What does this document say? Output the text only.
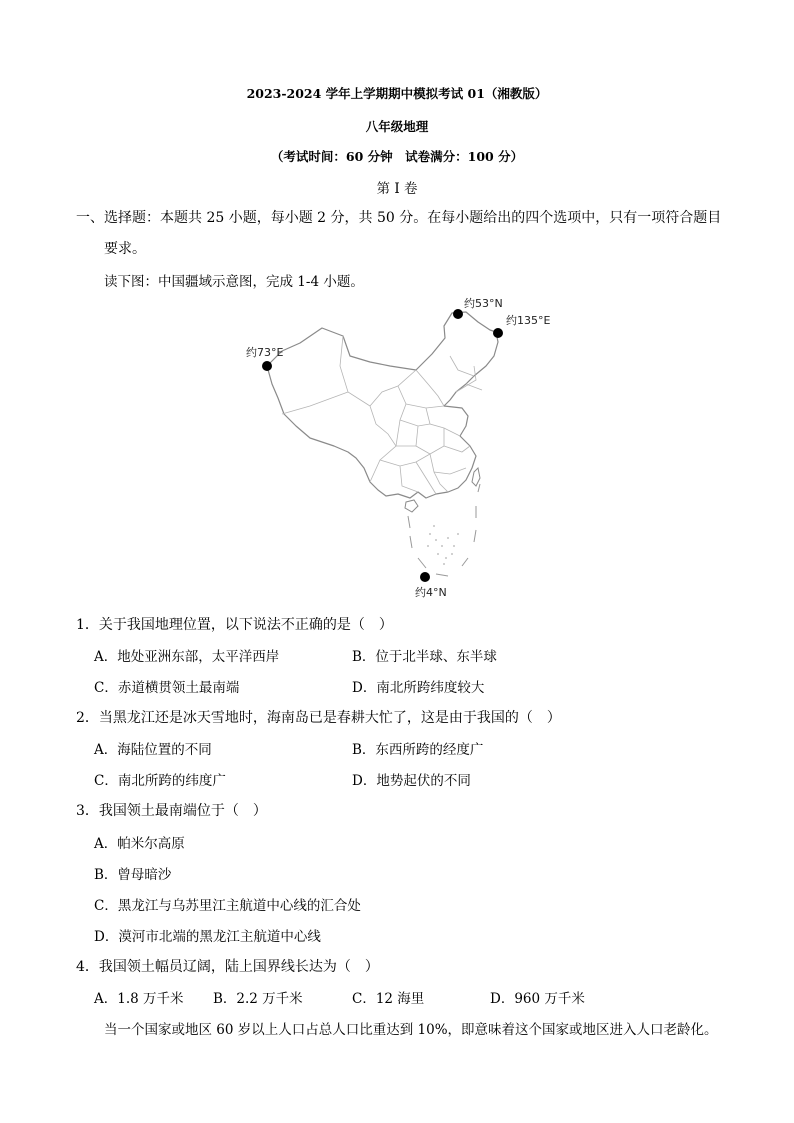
2023-2024 学年上学期期中模拟考试 01（湘教版）
八年级地理
（考试时间：60 分钟　试卷满分：100 分）
第 I 卷
一、选择题：本题共 25 小题，每小题 2 分，共 50 分。在每小题给出的四个选项中，只有一项符合题目
要求。
读下图：中国疆域示意图，完成 1-4 小题。
约53°N
约135°E
约73°E
约4°N
1．关于我国地理位置，以下说法不正确的是（　）
A．地处亚洲东部，太平洋西岸	B．位于北半球、东半球
C．赤道横贯领土最南端	D．南北所跨纬度较大
2．当黑龙江还是冰天雪地时，海南岛已是春耕大忙了，这是由于我国的（　）
A．海陆位置的不同	B．东西所跨的经度广
C．南北所跨的纬度广	D．地势起伏的不同
3．我国领土最南端位于（　）
A．帕米尔高原
B．曾母暗沙
C．黑龙江与乌苏里江主航道中心线的汇合处
D．漠河市北端的黑龙江主航道中心线
4．我国领土幅员辽阔，陆上国界线长达为（　）
A．1.8 万千米 B．2.2 万千米	C．12 海里	D．960 万千米
当一个国家或地区 60 岁以上人口占总人口比重达到 10%，即意味着这个国家或地区进入人口老龄化。
